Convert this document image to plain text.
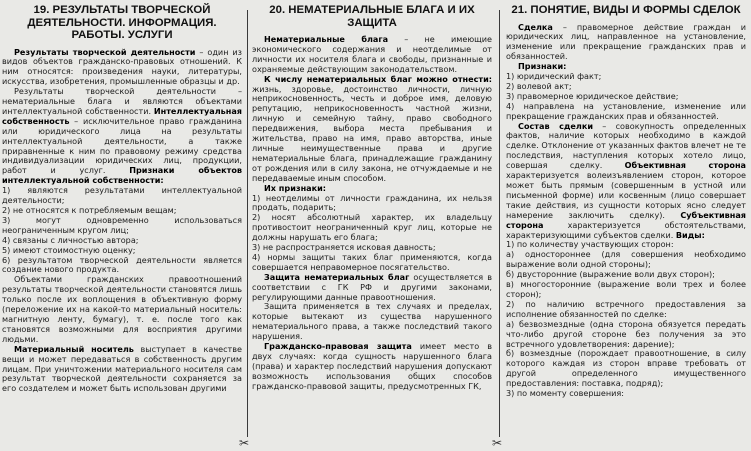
19. РЕЗУЛЬТАТЫ ТВОРЧЕСКОЙ ДЕЯТЕЛЬНОСТИ. ИНФОРМАЦИЯ. РАБОТЫ. УСЛУГИ

Результаты творческой деятельности – один из видов объектов гражданско-правовых отношений. К ним относятся: произведения науки, литературы, искусства, изобретения, промышленные образцы и др.

Результаты творческой деятельности – нематериальные блага и являются объектами интеллектуальной собственности. Интеллектуальная собственность – исключительное право гражданина или юридического лица на результаты интеллектуальной деятельности, а также приравненные к ним по правовому режиму средства индивидуализации юридических лиц, продукции, работ и услуг. Признаки объектов интеллектуальной собственности:

1) являются результатами интеллектуальной деятельности;

2) не относятся к потребляемым вещам;

3) могут одновременно использоваться неограниченным кругом лиц;

4) связаны с личностью автора;

5) имеют стоимостную оценку;

6) результатом творческой деятельности является создание нового продукта.

Объектами гражданских правоотношений результаты творческой деятельности становятся лишь только после их воплощения в объективную форму (переложение их на какой-то материальный носитель: магнитную ленту, бумагу), т. е. после того как становятся возможными для восприятия другими людьми.

Материальный носитель выступает в качестве вещи и может передаваться в собственность другим лицам. При уничтожении материального носителя сам результат творческой деятельности сохраняется за его создателем и может быть использован другими

20. НЕМАТЕРИАЛЬНЫЕ БЛАГА И ИХ ЗАЩИТА

Нематериальные блага – не имеющие экономического содержания и неотделимые от личности их носителя блага и свободы, признанные и охраняемые действующим законодательством.

К числу нематериальных благ можно отнести: жизнь, здоровье, достоинство личности, личную неприкосновенность, честь и доброе имя, деловую репутацию, неприкосновенность частной жизни, личную и семейную тайну, право свободного передвижения, выбора места пребывания и жительства, право на имя, право авторства, иные личные неимущественные права и другие нематериальные блага, принадлежащие гражданину от рождения или в силу закона, не отчуждаемые и не передаваемые иным способом.

Их признаки:

1) неотделимы от личности гражданина, их нельзя продать, подарить;

2) носят абсолютный характер, их владельцу противостоит неограниченный круг лиц, которые не должны нарушать его блага;

3) не распространяется исковая давность;

4) нормы защиты таких благ применяются, когда совершается неправомерное посягательство.

Защита нематериальных благ осуществляется в соответствии с ГК РФ и другими законами, регулирующими данные правоотношения.

Защита применяется в тех случаях и пределах, которые вытекают из существа нарушенного нематериального права, а также последствий такого нарушения.

Гражданско-правовая защита имеет место в двух случаях: когда сущность нарушенного блага (права) и характер последствий нарушения допускают возможность использования общих способов гражданско-правовой защиты, предусмотренных ГК,

21. ПОНЯТИЕ, ВИДЫ И ФОРМЫ СДЕЛОК

Сделка – правомерное действие граждан и юридических лиц, направленное на установление, изменение или прекращение гражданских прав и обязанностей.

Признаки:

1) юридический факт;

2) волевой акт;

3) правомерное юридическое действие;

4) направлена на установление, изменение или прекращение гражданских прав и обязанностей.

Состав сделки – совокупность определенных фактов, наличие которых необходимо в каждой сделке. Отклонение от указанных фактов влечет не те последствия, наступления которых хотело лицо, совершая сделку. Объективная сторона характеризуется волеизъявлением сторон, которое может быть прямым (совершенным в устной или письменной форме) или косвенным (лицо совершает такие действия, из сущности которых ясно следует намерение заключить сделку). Субъективная сторона характеризуется обстоятельствами, характеризующими субъектов сделки. Виды:

1) по количеству участвующих сторон:

а) одностороннее (для совершения необходимо выражение воли одной стороны);

б) двусторонние (выражение воли двух сторон);

в) многосторонние (выражение воли трех и более сторон);

2) по наличию встречного предоставления за исполнение обязанностей по сделке:

а) безвозмездные (одна сторона обязуется передать что-либо другой стороне без получения за это встречного удовлетворения: дарение);

б) возмездные (порождает правоотношение, в силу которого каждая из сторон вправе требовать от другой определенного имущественного предоставления: поставка, подряд);

3) по моменту совершения:

✂	✂
